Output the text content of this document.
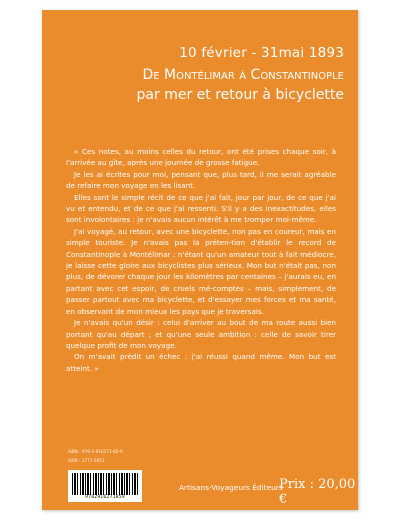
10 février - 31mai 1893
De Montélimar à Constantinople
par mer et retour à bicyclette

« Ces notes, au moins celles du retour, ont été prises chaque soir, à l'arrivée au gîte, après une journée de grosse fatigue.

Je les ai écrites pour moi, pensant que, plus tard, il me serait agréable de refaire mon voyage en les lisant.

Elles sont le simple récit de ce que j'ai fait, jour par jour, de ce que j'ai vu et entendu, et de ce que j'ai ressenti. S'il y a des inexactitudes, elles sont involontaires : je n'avais aucun intérêt à me tromper moi-même.

J'ai voyagé, au retour, avec une bicyclette, non pas en coureur, mais en simple touriste. Je n'avais pas la préten-tion d'établir le record de Constantinople à Montélimar : n'étant qu'un amateur tout à fait médiocre, je laisse cette gloire aux bicyclistes plus sérieux. Mon but n'était pas, non plus, de dévorer chaque jour les kilomètres par centaines – j'aurais eu, en partant avec cet espoir, de cruels mé-comptes – mais, simplement, de passer partout avec ma bicyclette, et d'essayer mes forces et ma santé, en observant de mon mieux les pays que je traversais.

Je n'avais qu'un désir : celui d'arriver au bout de ma route aussi bien portant qu'au départ ; et qu'une seule ambition : celle de savoir tirer quelque profit de mon voyage.

On m'avait prédit un échec : j'ai réussi quand même. Mon but est atteint. »

ISBN : 978-2-916271-85-9
ISSN : 1777-5051
9782916271859
Artisans-Voyageurs Éditeurs
Prix : 20,00 €
